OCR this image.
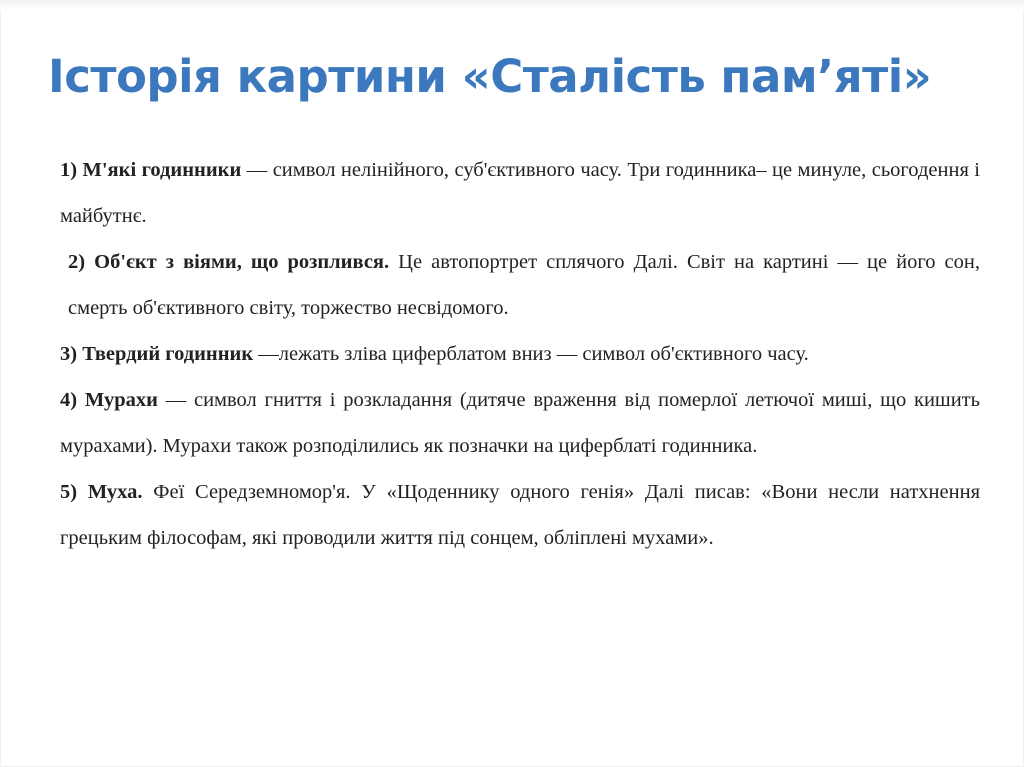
Історія картини «Сталість пам’яті»

1) М'які годинники — символ нелінійного, суб'єктивного часу. Три годинника– це минуле, сьогодення і майбутнє.

2) Об'єкт з віями, що розплився. Це автопортрет сплячого Далі. Світ на картині — це його сон, смерть об'єктивного світу, торжество несвідомого.

3) Твердий годинник —лежать зліва циферблатом вниз — символ об'єктивного часу.

4) Мурахи — символ гниття і розкладання (дитяче враження від померлої летючої миші, що кишить мурахами). Мурахи також розподілились як позначки на циферблаті годинника.

5) Муха. Феї Середземномор'я. У «Щоденнику одного генія» Далі писав: «Вони несли натхнення грецьким філософам, які проводили життя під сонцем, обліплені мухами».
